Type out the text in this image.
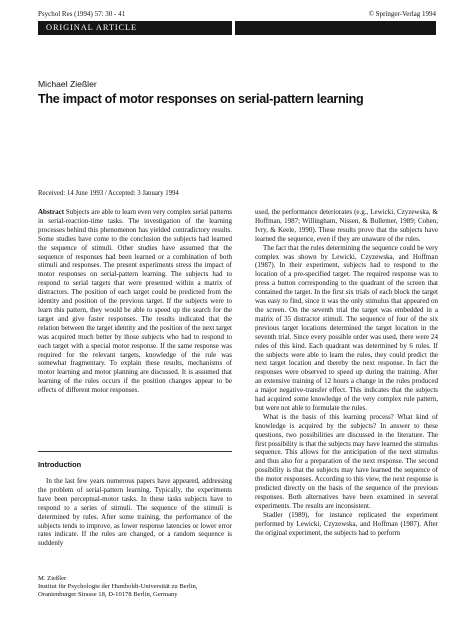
Psychol Res (1994) 57: 30 - 41	© Springer-Verlag 1994
ORIGINAL ARTICLE
Michael Zießler
The impact of motor responses on serial-pattern learning
Received: 14 June 1993 / Accepted: 3 January 1994

Abstract Subjects are able to learn even very complex serial patterns in serial-reaction-time tasks. The investigation of the learning processes behind this phenomenon has yielded contradictory results. Some studies have come to the conclusion the subjects had learned the sequence of stimuli. Other studies have assumed that the sequence of responses had been learned or a combination of both stimuli and responses. The present experiments stress the impact of motor responses on serial-pattern learning. The subjects had to respond to serial targets that were presented within a matrix of distractors. The position of each target could be predicted from the identity and position of the previous target. If the subjects were to learn this pattern, they would be able to speed up the search for the target and give faster responses. The results indicated that the relation between the target identity and the position of the next target was acquired much better by those subjects who had to respond to each target with a special motor response. If the same response was required for the relevant targets, knowledge of the rule was somewhat fragmentary. To explain these results, mechanisms of motor learning and motor planning are discussed. It is assumed that learning of the rules occurs if the position changes appear to be effects of different motor responses.

Introduction

In the last few years numerous papers have appeared, addressing the problem of serial-pattern learning. Typically, the experiments have been perceptual-motor tasks. In these tasks subjects have to respond to a series of stimuli. The sequence of the stimuli is determined by rules. After some training, the performance of the subjects tends to improve, as lower response latencies or lower error rates indicate. If the rules are changed, or a random sequence is suddenly

M. Zießler
Institut für Psychologie der Humboldt-Universität zu Berlin,
Oranienburger Strasse 18, D-10178 Berlin, Germany

used, the performance deteriorates (e.g., Lewicki, Czyzewska, & Hoffman, 1987; Willingham, Nissen, & Bullemer, 1989; Cohen, Ivry, & Keele, 1990). These results prove that the subjects have learned the sequence, even if they are unaware of the rules.

The fact that the rules determining the sequence could be very complex was shown by Lewicki, Czyzewska, and Hoffman (1987). In their experiment, subjects had to respond to the location of a pre-specified target. The required response was to press a button corresponding to the quadrant of the screen that contained the target. In the first six trials of each block the target was easy to find, since it was the only stimulus that appeared on the screen. On the seventh trial the target was embedded in a matrix of 35 distractor stimuli. The sequence of four of the six previous target locations determined the target location in the seventh trial. Since every possible order was used, there were 24 rules of this kind. Each quadrant was determined by 6 rules. If the subjects were able to learn the rules, they could predict the next target location and thereby the next response. In fact the responses were observed to speed up during the training. After an extensive training of 12 hours a change in the rules produced a major negative-transfer effect. This indicates that the subjects had acquired some knowledge of the very complex rule pattern, but were not able to formulate the rules.

What is the basis of this learning process? What kind of knowledge is acquired by the subjects? In answer to these questions, two possibilities are discussed in the literature. The first possibility is that the subjects may have learned the stimulus sequence. This allows for the anticipation of the next stimulus and thus also for a preparation of the next response. The second possibility is that the subjects may have learned the sequence of the motor responses. According to this view, the next response is predicted directly on the basis of the sequence of the previous responses. Both alternatives have been examined in several experiments. The results are inconsistent.

Stadler (1989), for instance replicated the experiment performed by Lewicki, Czyzewska, and Hoffman (1987). After the original experiment, the subjects had to perform
